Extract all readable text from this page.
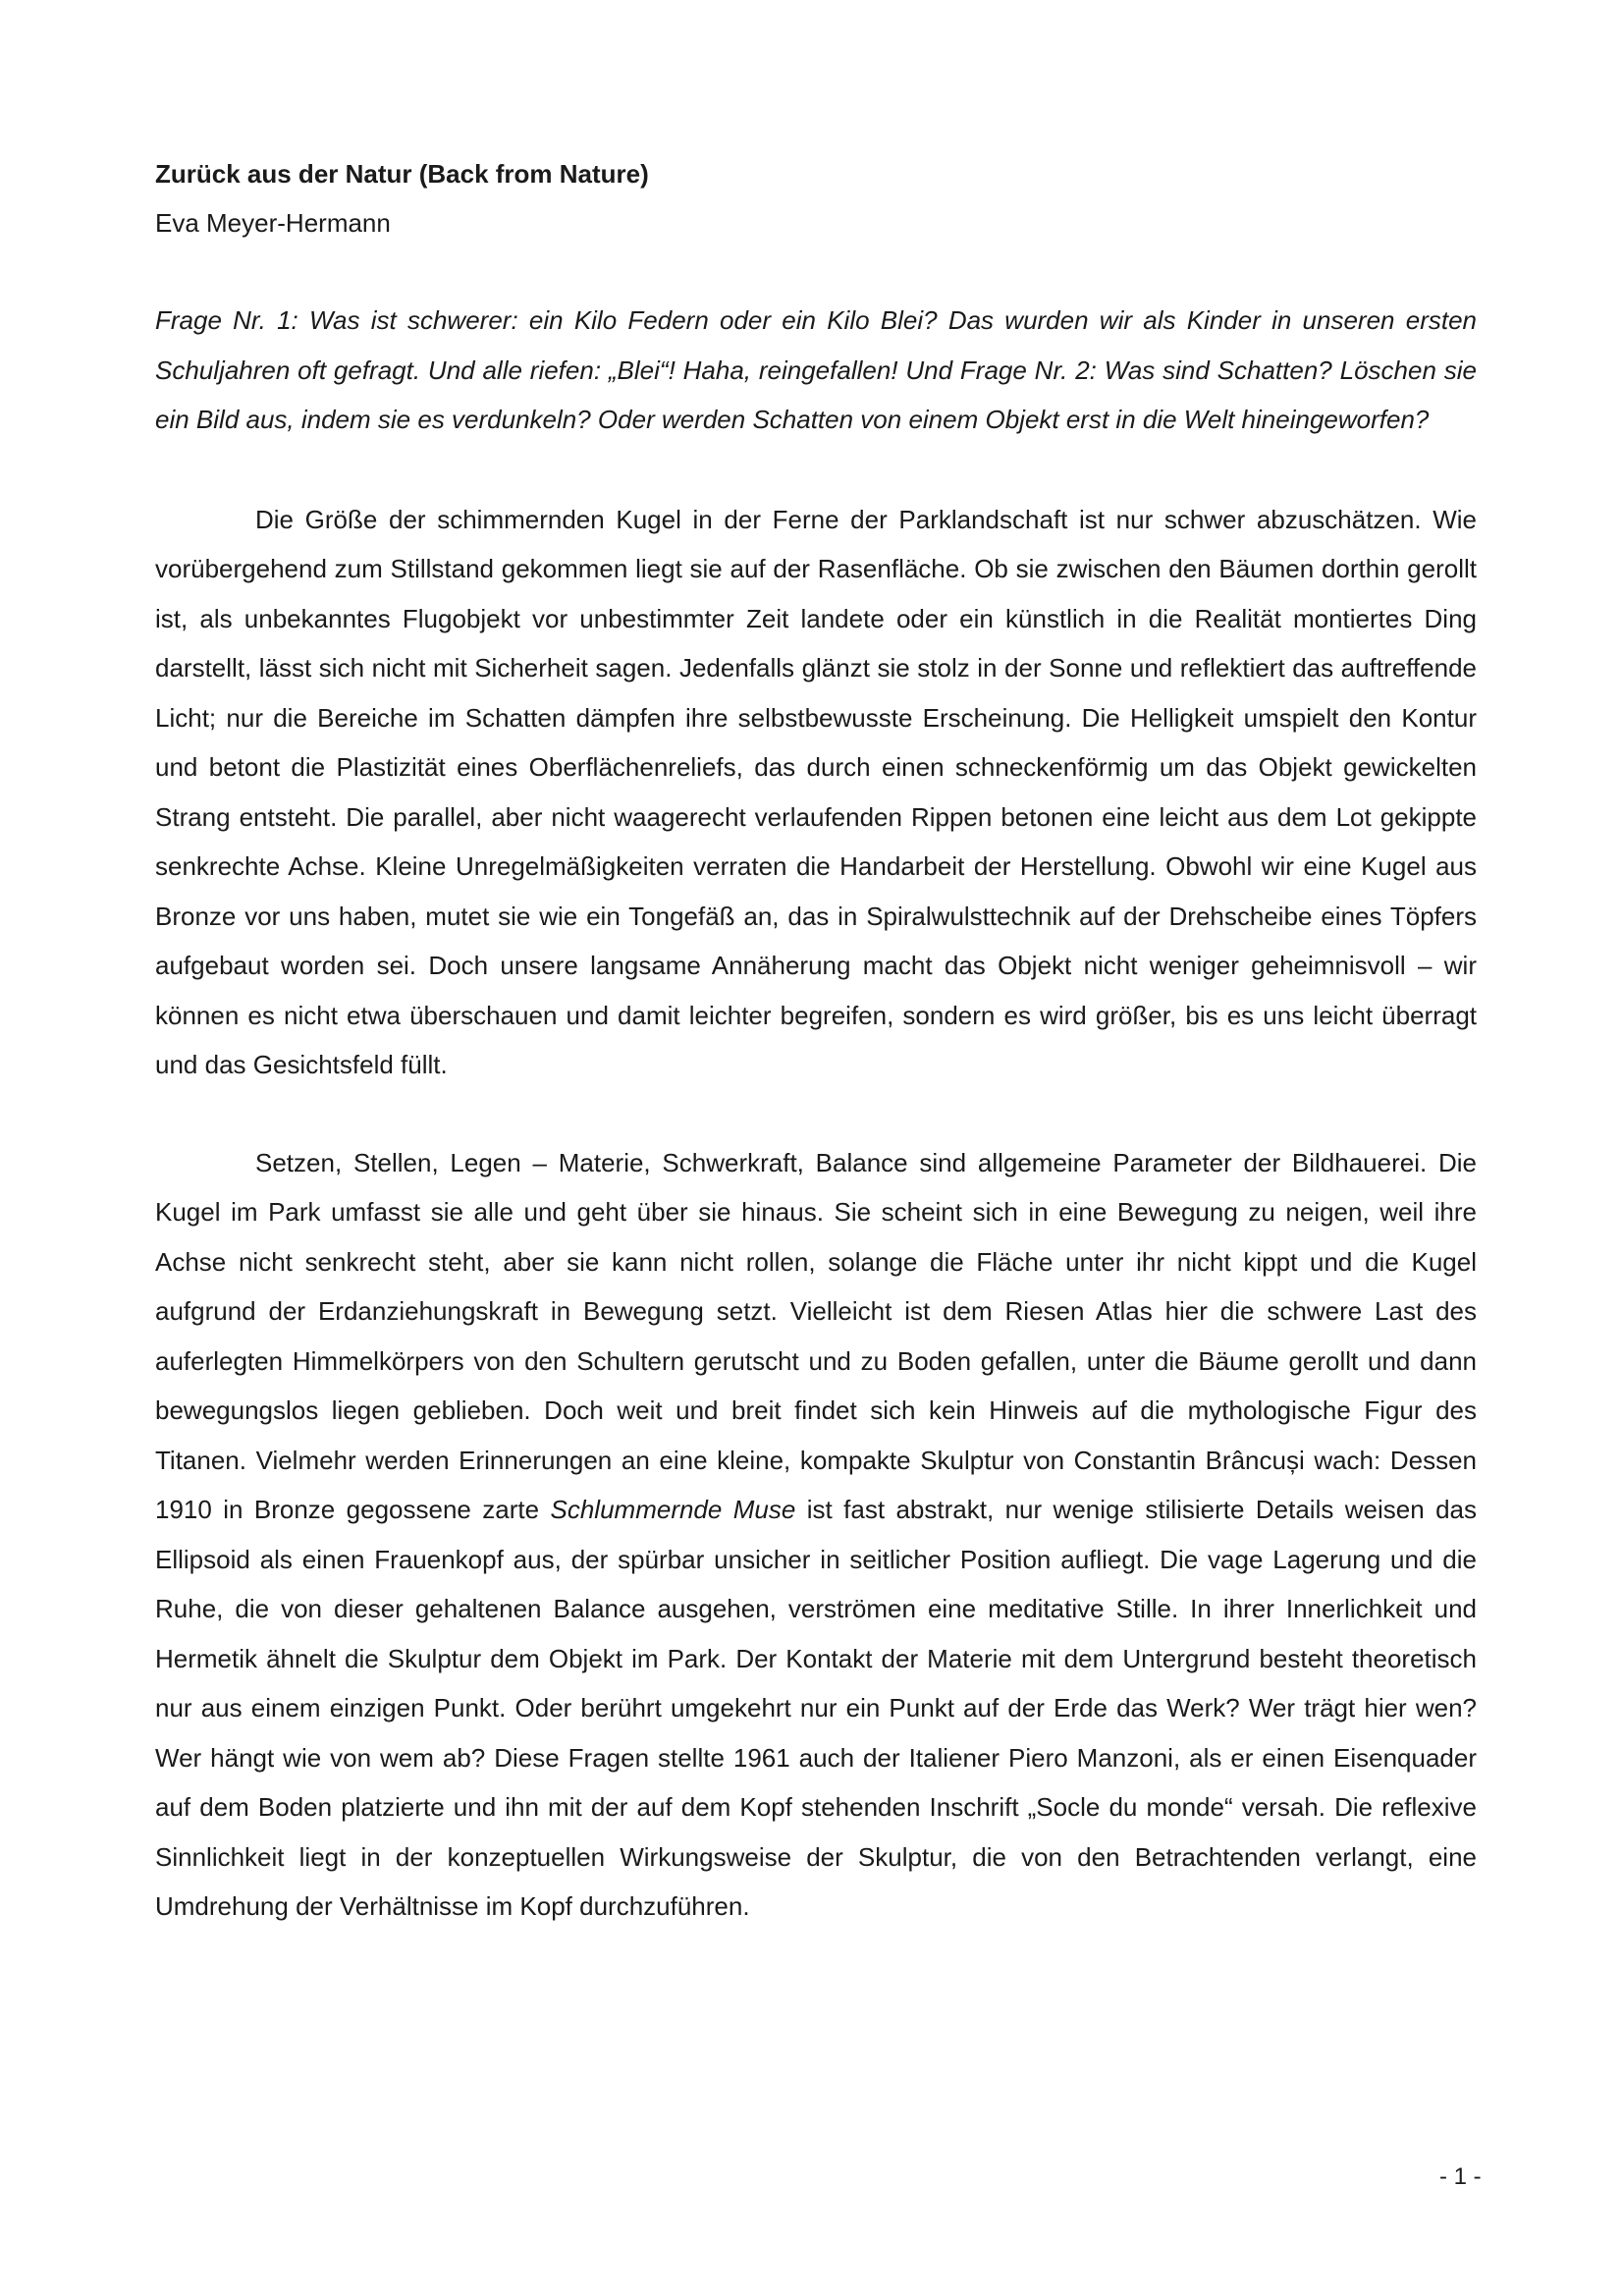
Zurück aus der Natur (Back from Nature)

Eva Meyer-Hermann

Frage Nr. 1: Was ist schwerer: ein Kilo Federn oder ein Kilo Blei? Das wurden wir als Kinder in unseren ersten Schuljahren oft gefragt. Und alle riefen: „Blei“! Haha, reingefallen! Und Frage Nr. 2: Was sind Schatten? Löschen sie ein Bild aus, indem sie es verdunkeln? Oder werden Schatten von einem Objekt erst in die Welt hineingeworfen?

Die Größe der schimmernden Kugel in der Ferne der Parklandschaft ist nur schwer abzuschätzen. Wie vorübergehend zum Stillstand gekommen liegt sie auf der Rasenfläche. Ob sie zwischen den Bäumen dorthin gerollt ist, als unbekanntes Flugobjekt vor unbestimmter Zeit landete oder ein künstlich in die Realität montiertes Ding darstellt, lässt sich nicht mit Sicherheit sagen. Jedenfalls glänzt sie stolz in der Sonne und reflektiert das auftreffende Licht; nur die Bereiche im Schatten dämpfen ihre selbstbewusste Erscheinung. Die Helligkeit umspielt den Kontur und betont die Plastizität eines Oberflächenreliefs, das durch einen schneckenförmig um das Objekt gewickelten Strang entsteht. Die parallel, aber nicht waagerecht verlaufenden Rippen betonen eine leicht aus dem Lot gekippte senkrechte Achse. Kleine Unregelmäßigkeiten verraten die Handarbeit der Herstellung. Obwohl wir eine Kugel aus Bronze vor uns haben, mutet sie wie ein Tongefäß an, das in Spiralwulsttechnik auf der Drehscheibe eines Töpfers aufgebaut worden sei. Doch unsere langsame Annäherung macht das Objekt nicht weniger geheimnisvoll – wir können es nicht etwa überschauen und damit leichter begreifen, sondern es wird größer, bis es uns leicht überragt und das Gesichtsfeld füllt.

Setzen, Stellen, Legen – Materie, Schwerkraft, Balance sind allgemeine Parameter der Bildhauerei. Die Kugel im Park umfasst sie alle und geht über sie hinaus. Sie scheint sich in eine Bewegung zu neigen, weil ihre Achse nicht senkrecht steht, aber sie kann nicht rollen, solange die Fläche unter ihr nicht kippt und die Kugel aufgrund der Erdanziehungskraft in Bewegung setzt. Vielleicht ist dem Riesen Atlas hier die schwere Last des auferlegten Himmelkörpers von den Schultern gerutscht und zu Boden gefallen, unter die Bäume gerollt und dann bewegungslos liegen geblieben. Doch weit und breit findet sich kein Hinweis auf die mythologische Figur des Titanen. Vielmehr werden Erinnerungen an eine kleine, kompakte Skulptur von Constantin Brâncuși wach: Dessen 1910 in Bronze gegossene zarte Schlummernde Muse ist fast abstrakt, nur wenige stilisierte Details weisen das Ellipsoid als einen Frauenkopf aus, der spürbar unsicher in seitlicher Position aufliegt. Die vage Lagerung und die Ruhe, die von dieser gehaltenen Balance ausgehen, verströmen eine meditative Stille. In ihrer Innerlichkeit und Hermetik ähnelt die Skulptur dem Objekt im Park. Der Kontakt der Materie mit dem Untergrund besteht theoretisch nur aus einem einzigen Punkt. Oder berührt umgekehrt nur ein Punkt auf der Erde das Werk? Wer trägt hier wen? Wer hängt wie von wem ab? Diese Fragen stellte 1961 auch der Italiener Piero Manzoni, als er einen Eisenquader auf dem Boden platzierte und ihn mit der auf dem Kopf stehenden Inschrift „Socle du monde“ versah. Die reflexive Sinnlichkeit liegt in der konzeptuellen Wirkungsweise der Skulptur, die von den Betrachtenden verlangt, eine Umdrehung der Verhältnisse im Kopf durchzuführen.

- 1 -
